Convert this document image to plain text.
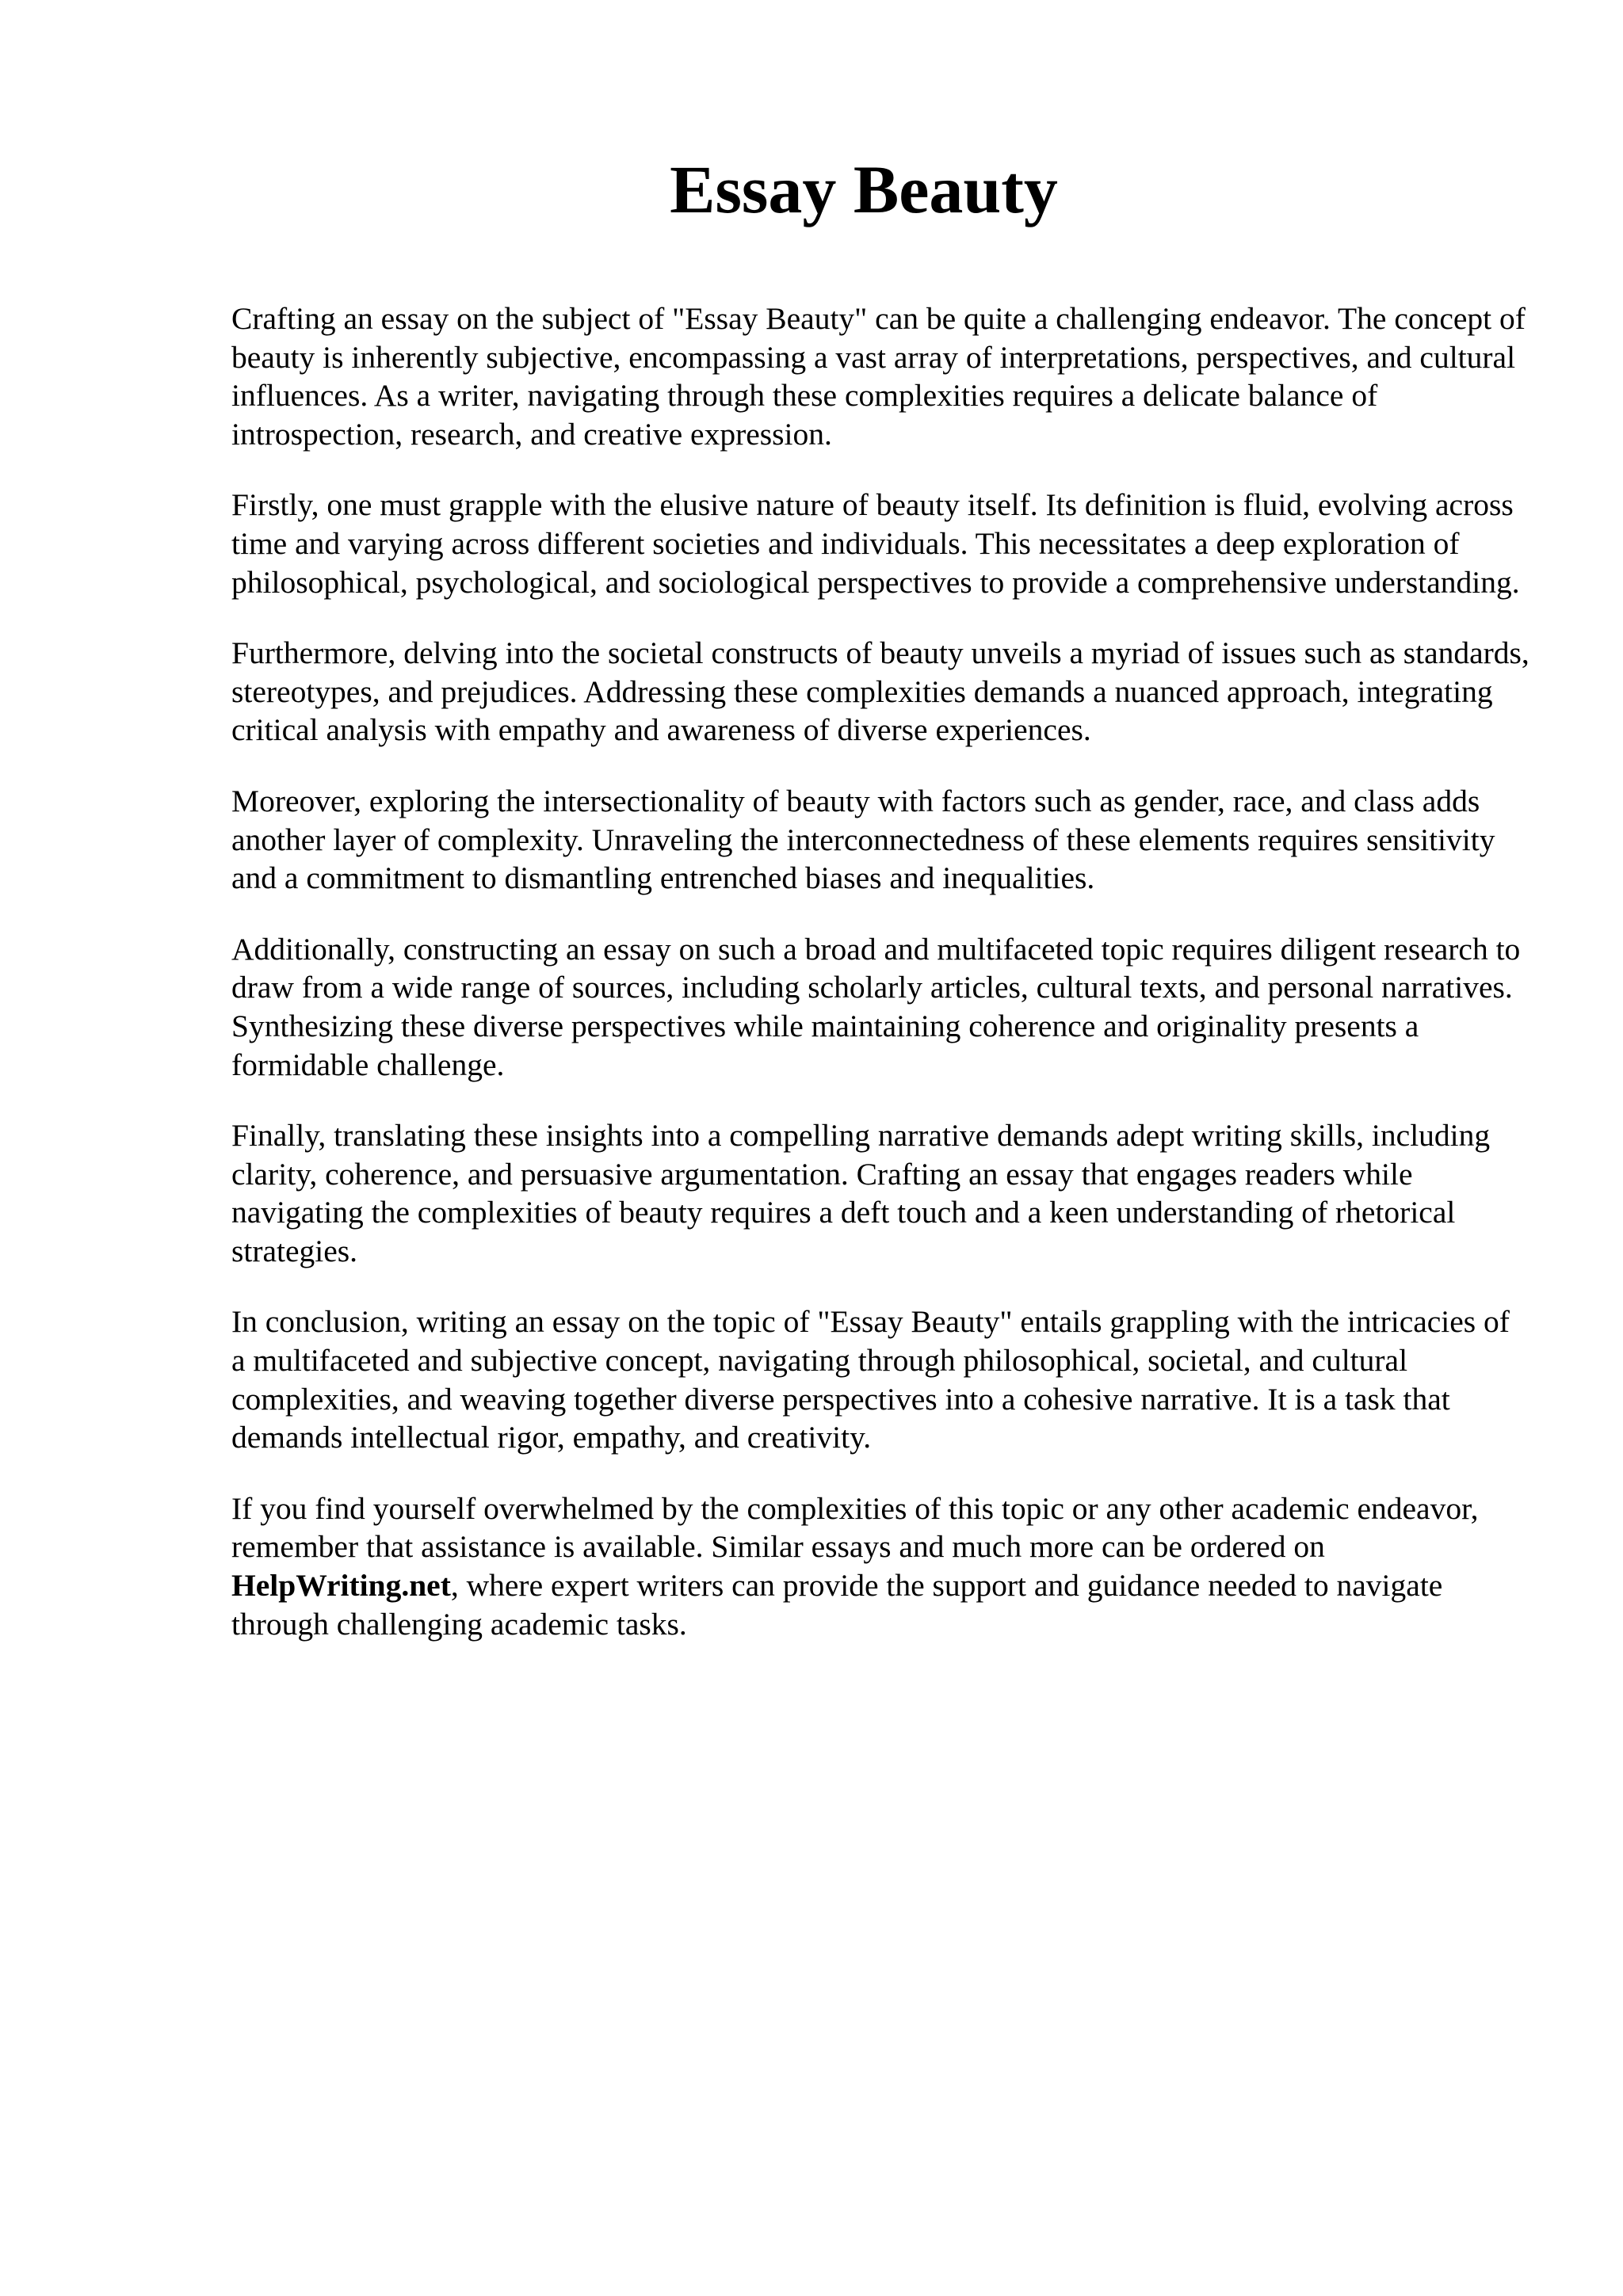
Essay Beauty

Crafting an essay on the subject of "Essay Beauty" can be quite a challenging endeavor. The concept of beauty is inherently subjective, encompassing a vast array of interpretations, perspectives, and cultural influences. As a writer, navigating through these complexities requires a delicate balance of introspection, research, and creative expression.

Firstly, one must grapple with the elusive nature of beauty itself. Its definition is fluid, evolving across time and varying across different societies and individuals. This necessitates a deep exploration of philosophical, psychological, and sociological perspectives to provide a comprehensive understanding.

Furthermore, delving into the societal constructs of beauty unveils a myriad of issues such as standards, stereotypes, and prejudices. Addressing these complexities demands a nuanced approach, integrating critical analysis with empathy and awareness of diverse experiences.

Moreover, exploring the intersectionality of beauty with factors such as gender, race, and class adds another layer of complexity. Unraveling the interconnectedness of these elements requires sensitivity and a commitment to dismantling entrenched biases and inequalities.

Additionally, constructing an essay on such a broad and multifaceted topic requires diligent research to draw from a wide range of sources, including scholarly articles, cultural texts, and personal narratives. Synthesizing these diverse perspectives while maintaining coherence and originality presents a formidable challenge.

Finally, translating these insights into a compelling narrative demands adept writing skills, including clarity, coherence, and persuasive argumentation. Crafting an essay that engages readers while navigating the complexities of beauty requires a deft touch and a keen understanding of rhetorical strategies.

In conclusion, writing an essay on the topic of "Essay Beauty" entails grappling with the intricacies of a multifaceted and subjective concept, navigating through philosophical, societal, and cultural complexities, and weaving together diverse perspectives into a cohesive narrative. It is a task that demands intellectual rigor, empathy, and creativity.

If you find yourself overwhelmed by the complexities of this topic or any other academic endeavor, remember that assistance is available. Similar essays and much more can be ordered on HelpWriting.net, where expert writers can provide the support and guidance needed to navigate through challenging academic tasks.
